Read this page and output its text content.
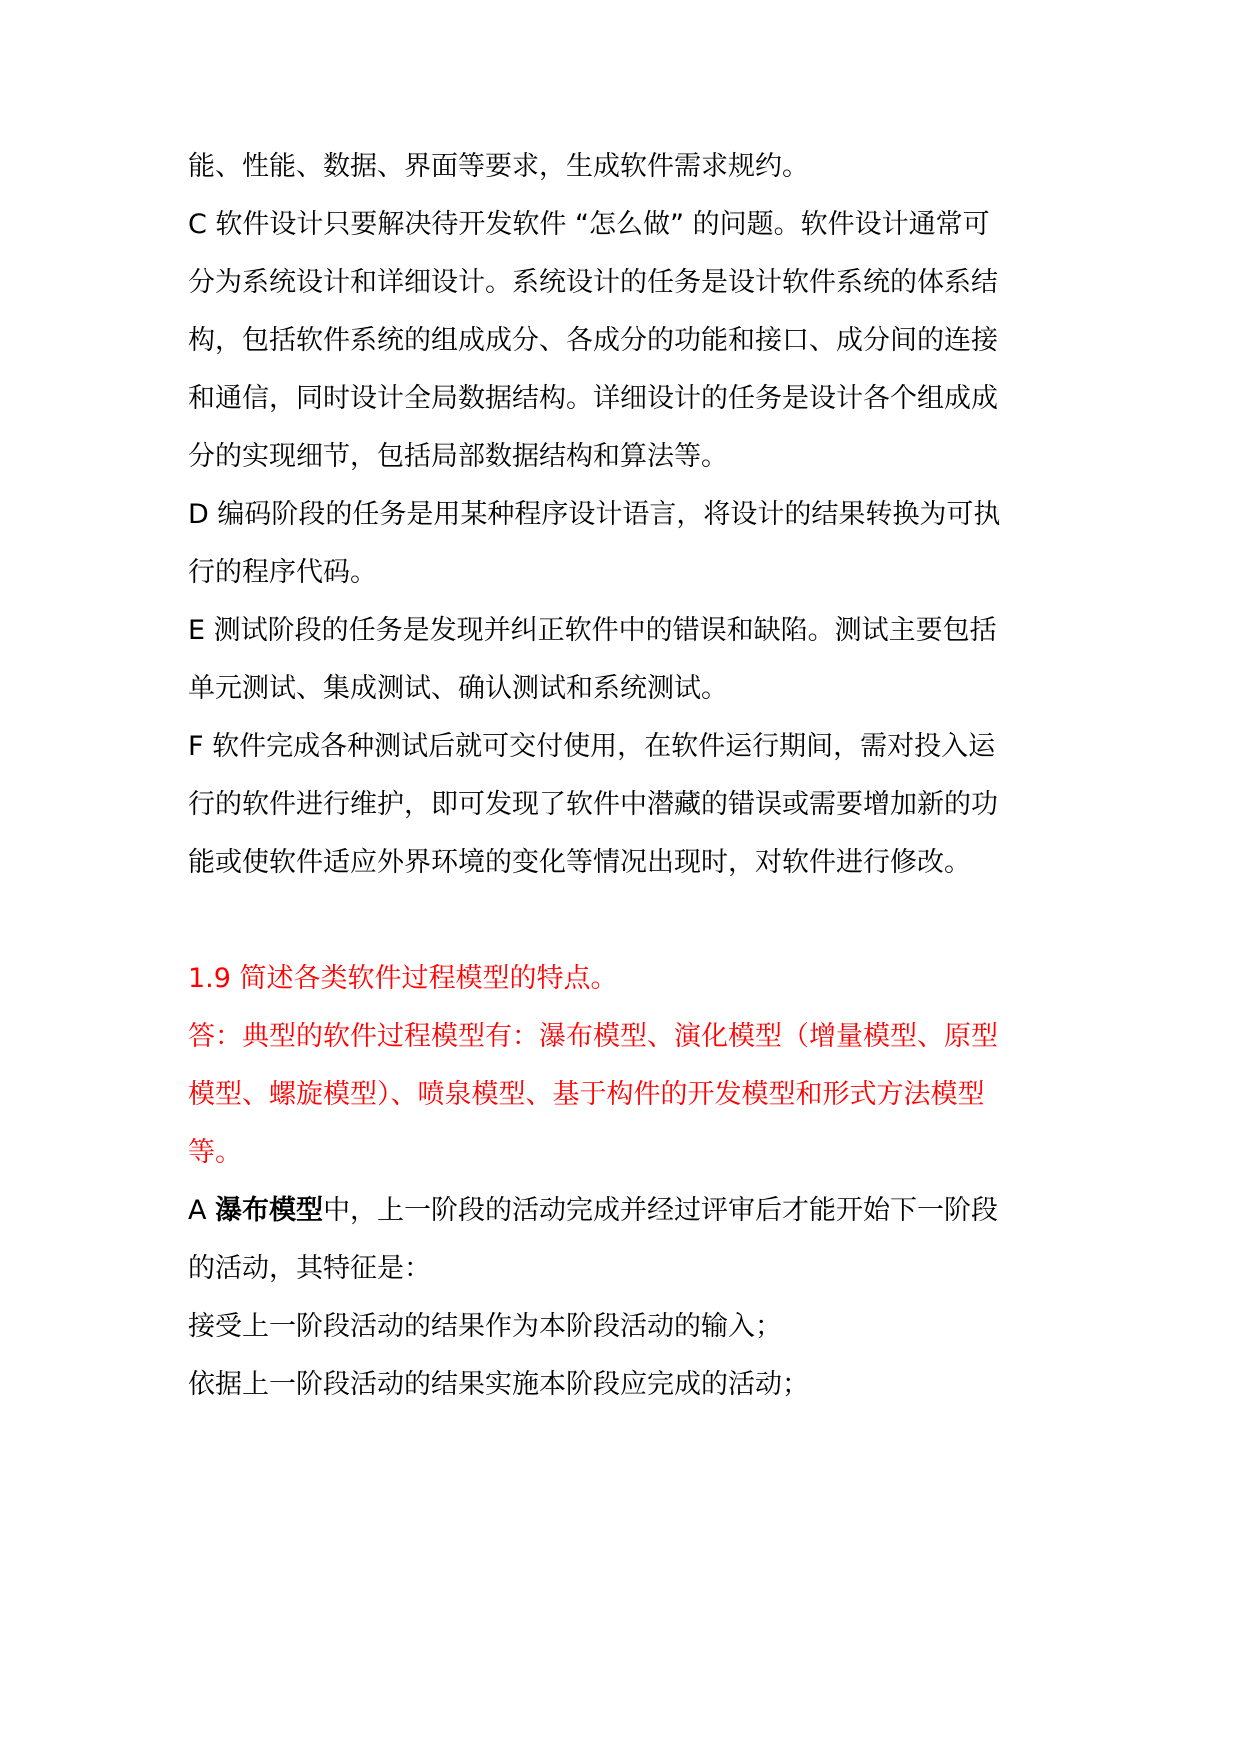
能、性能、数据、界面等要求，生成软件需求规约。
C 软件设计只要解决待开发软件 “怎么做” 的问题。软件设计通常可
分为系统设计和详细设计。系统设计的任务是设计软件系统的体系结
构，包括软件系统的组成成分、各成分的功能和接口、成分间的连接
和通信，同时设计全局数据结构。详细设计的任务是设计各个组成成
分的实现细节，包括局部数据结构和算法等。
D 编码阶段的任务是用某种程序设计语言，将设计的结果转换为可执
行的程序代码。
E 测试阶段的任务是发现并纠正软件中的错误和缺陷。测试主要包括
单元测试、集成测试、确认测试和系统测试。
F 软件完成各种测试后就可交付使用，在软件运行期间，需对投入运
行的软件进行维护，即可发现了软件中潜藏的错误或需要增加新的功
能或使软件适应外界环境的变化等情况出现时，对软件进行修改。
1.9 简述各类软件过程模型的特点。
答：典型的软件过程模型有：瀑布模型、演化模型（增量模型、原型
模型、螺旋模型）、喷泉模型、基于构件的开发模型和形式方法模型
等。
A 瀑布模型中，上一阶段的活动完成并经过评审后才能开始下一阶段
的活动，其特征是：
接受上一阶段活动的结果作为本阶段活动的输入；
依据上一阶段活动的结果实施本阶段应完成的活动；
